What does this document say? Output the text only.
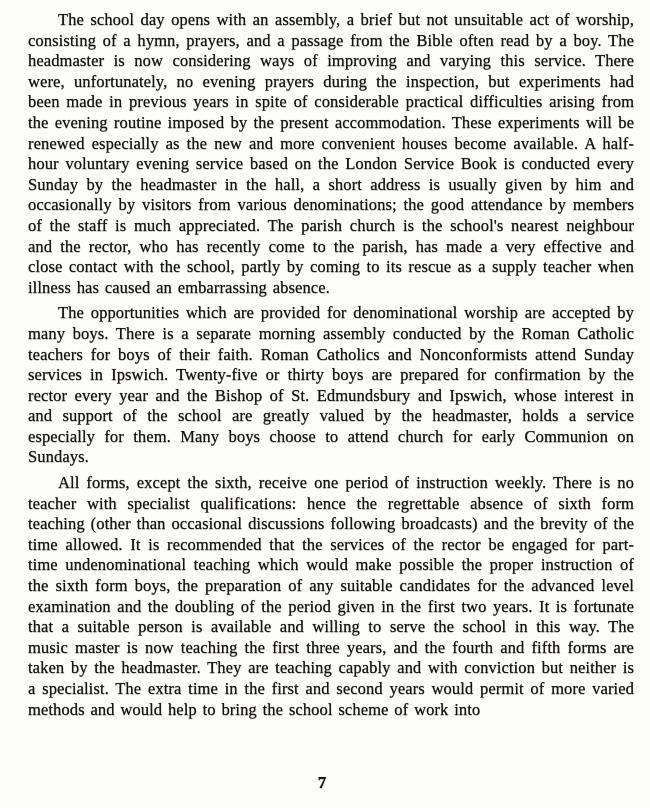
The school day opens with an assembly, a brief but not unsuitable act of worship, consisting of a hymn, prayers, and a passage from the Bible often read by a boy. The headmaster is now considering ways of improving and varying this service. There were, unfortunately, no evening prayers during the inspection, but experiments had been made in previous years in spite of considerable practical difficulties arising from the evening routine imposed by the present accommodation. These experiments will be renewed especially as the new and more convenient houses become available. A half-hour voluntary evening service based on the London Service Book is conducted every Sunday by the headmaster in the hall, a short address is usually given by him and occasionally by visitors from various denominations; the good attendance by members of the staff is much appreciated. The parish church is the school's nearest neighbour and the rector, who has recently come to the parish, has made a very effective and close contact with the school, partly by coming to its rescue as a supply teacher when illness has caused an embarrassing absence.

The opportunities which are provided for denominational worship are accepted by many boys. There is a separate morning assembly conducted by the Roman Catholic teachers for boys of their faith. Roman Catholics and Nonconformists attend Sunday services in Ipswich. Twenty-five or thirty boys are prepared for confirmation by the rector every year and the Bishop of St. Edmundsbury and Ipswich, whose interest in and support of the school are greatly valued by the headmaster, holds a service especially for them. Many boys choose to attend church for early Communion on Sundays.

All forms, except the sixth, receive one period of instruction weekly. There is no teacher with specialist qualifications: hence the regrettable absence of sixth form teaching (other than occasional discussions following broadcasts) and the brevity of the time allowed. It is recommended that the services of the rector be engaged for part-time undenominational teaching which would make possible the proper instruction of the sixth form boys, the preparation of any suitable candidates for the advanced level examination and the doubling of the period given in the first two years. It is fortunate that a suitable person is available and willing to serve the school in this way. The music master is now teaching the first three years, and the fourth and fifth forms are taken by the headmaster. They are teaching capably and with conviction but neither is a specialist. The extra time in the first and second years would permit of more varied methods and would help to bring the school scheme of work into

7
